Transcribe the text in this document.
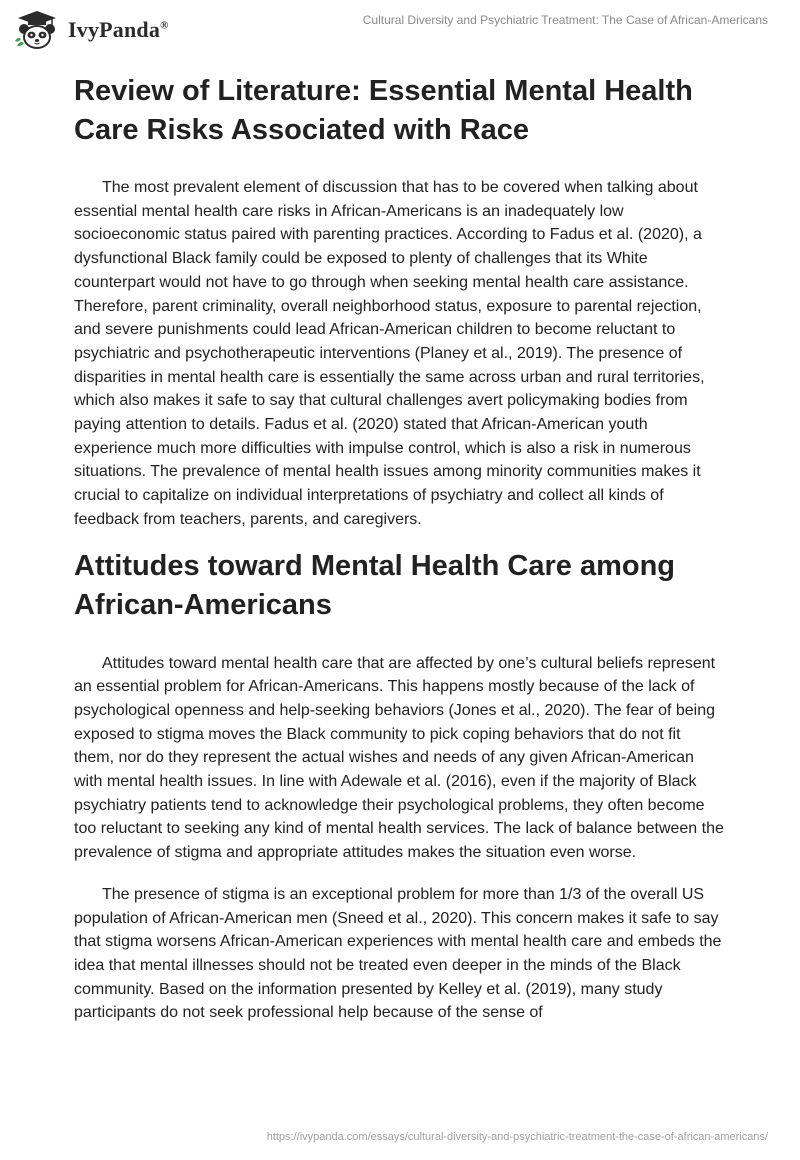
IvyPanda®	Cultural Diversity and Psychiatric Treatment: The Case of African-Americans
Review of Literature: Essential Mental Health Care Risks Associated with Race

The most prevalent element of discussion that has to be covered when talking about essential mental health care risks in African-Americans is an inadequately low socioeconomic status paired with parenting practices. According to Fadus et al. (2020), a dysfunctional Black family could be exposed to plenty of challenges that its White counterpart would not have to go through when seeking mental health care assistance. Therefore, parent criminality, overall neighborhood status, exposure to parental rejection, and severe punishments could lead African-American children to become reluctant to psychiatric and psychotherapeutic interventions (Planey et al., 2019). The presence of disparities in mental health care is essentially the same across urban and rural territories, which also makes it safe to say that cultural challenges avert policymaking bodies from paying attention to details. Fadus et al. (2020) stated that African-American youth experience much more difficulties with impulse control, which is also a risk in numerous situations. The prevalence of mental health issues among minority communities makes it crucial to capitalize on individual interpretations of psychiatry and collect all kinds of feedback from teachers, parents, and caregivers.

Attitudes toward Mental Health Care among African-Americans

Attitudes toward mental health care that are affected by one’s cultural beliefs represent an essential problem for African-Americans. This happens mostly because of the lack of psychological openness and help-seeking behaviors (Jones et al., 2020). The fear of being exposed to stigma moves the Black community to pick coping behaviors that do not fit them, nor do they represent the actual wishes and needs of any given African-American with mental health issues. In line with Adewale et al. (2016), even if the majority of Black psychiatry patients tend to acknowledge their psychological problems, they often become too reluctant to seeking any kind of mental health services. The lack of balance between the prevalence of stigma and appropriate attitudes makes the situation even worse.

The presence of stigma is an exceptional problem for more than 1/3 of the overall US population of African-American men (Sneed et al., 2020). This concern makes it safe to say that stigma worsens African-American experiences with mental health care and embeds the idea that mental illnesses should not be treated even deeper in the minds of the Black community. Based on the information presented by Kelley et al. (2019), many study participants do not seek professional help because of the sense of

https://ivypanda.com/essays/cultural-diversity-and-psychiatric-treatment-the-case-of-african-americans/
